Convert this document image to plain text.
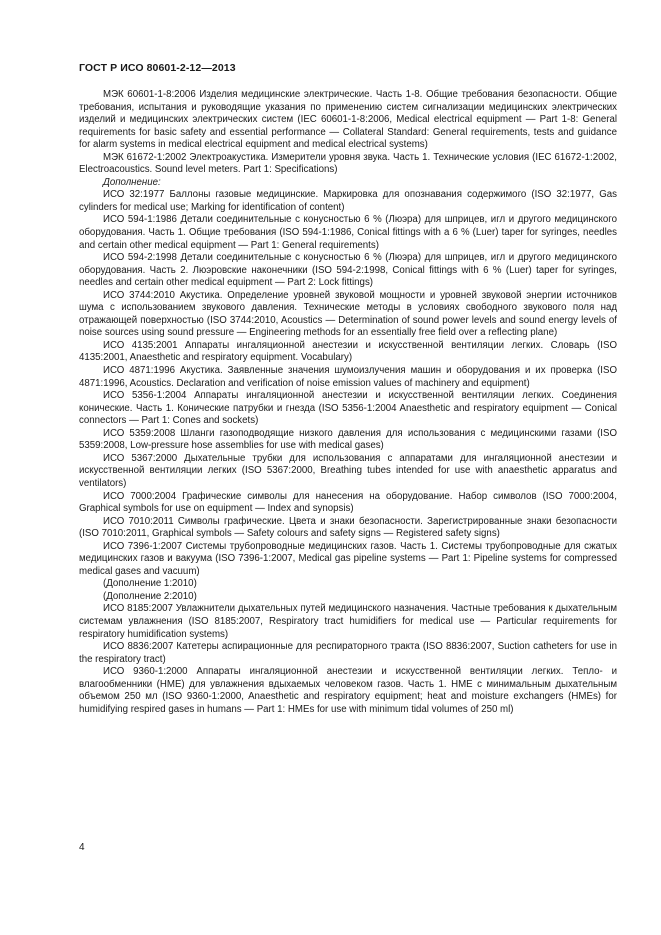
ГОСТ Р ИСО 80601-2-12—2013

МЭК 60601-1-8:2006 Изделия медицинские электрические. Часть 1-8. Общие требования безопасности. Общие требования, испытания и руководящие указания по применению систем сигнализации медицинских электрических изделий и медицинских электрических систем (IEC 60601-1-8:2006, Medical electrical equipment — Part 1-8: General requirements for basic safety and essential performance — Collateral Standard: General requirements, tests and guidance for alarm systems in medical electrical equipment and medical electrical systems)

МЭК 61672-1:2002 Электроакустика. Измерители уровня звука. Часть 1. Технические условия (IEC 61672-1:2002, Electroacoustics. Sound level meters. Part 1: Specifications)

Дополнение:

ИСО 32:1977 Баллоны газовые медицинские. Маркировка для опознавания содержимого (ISO 32:1977, Gas cylinders for medical use; Marking for identification of content)

ИСО 594-1:1986 Детали соединительные с конусностью 6 % (Люэра) для шприцев, игл и другого медицинского оборудования. Часть 1. Общие требования (ISO 594-1:1986, Conical fittings with a 6 % (Luer) taper for syringes, needles and certain other medical equipment — Part 1: General requirements)

ИСО 594-2:1998 Детали соединительные с конусностью 6 % (Люэра) для шприцев, игл и другого медицинского оборудования. Часть 2. Люэровские наконечники (ISO 594-2:1998, Conical fittings with 6 % (Luer) taper for syringes, needles and certain other medical equipment — Part 2: Lock fittings)

ИСО 3744:2010 Акустика. Определение уровней звуковой мощности и уровней звуковой энергии источников шума с использованием звукового давления. Технические методы в условиях свободного звукового поля над отражающей поверхностью (ISO 3744:2010, Acoustics — Determination of sound power levels and sound energy levels of noise sources using sound pressure — Engineering methods for an essentially free field over a reflecting plane)

ИСО 4135:2001 Аппараты ингаляционной анестезии и искусственной вентиляции легких. Словарь (ISO 4135:2001, Anaesthetic and respiratory equipment. Vocabulary)

ИСО 4871:1996 Акустика. Заявленные значения шумоизлучения машин и оборудования и их проверка (ISO 4871:1996, Acoustics. Declaration and verification of noise emission values of machinery and equipment)

ИСО 5356-1:2004 Аппараты ингаляционной анестезии и искусственной вентиляции легких. Соединения конические. Часть 1. Конические патрубки и гнезда (ISO 5356-1:2004 Anaesthetic and respiratory equipment — Conical connectors — Part 1: Cones and sockets)

ИСО 5359:2008 Шланги газоподводящие низкого давления для использования с медицинскими газами (ISO 5359:2008, Low-pressure hose assemblies for use with medical gases)

ИСО 5367:2000 Дыхательные трубки для использования с аппаратами для ингаляционной анестезии и искусственной вентиляции легких (ISO 5367:2000, Breathing tubes intended for use with anaesthetic apparatus and ventilators)

ИСО 7000:2004 Графические символы для нанесения на оборудование. Набор символов (ISO 7000:2004, Graphical symbols for use on equipment — Index and synopsis)

ИСО 7010:2011 Символы графические. Цвета и знаки безопасности. Зарегистрированные знаки безопасности (ISO 7010:2011, Graphical symbols — Safety colours and safety signs — Registered safety signs)

ИСО 7396-1:2007 Системы трубопроводные медицинских газов. Часть 1. Системы трубопроводные для сжатых медицинских газов и вакуума (ISO 7396-1:2007, Medical gas pipeline systems — Part 1: Pipeline systems for compressed medical gases and vacuum)

(Дополнение 1:2010)

(Дополнение 2:2010)

ИСО 8185:2007 Увлажнители дыхательных путей медицинского назначения. Частные требования к дыхательным системам увлажнения (ISO 8185:2007, Respiratory tract humidifiers for medical use — Particular requirements for respiratory humidification systems)

ИСО 8836:2007 Катетеры аспирационные для респираторного тракта (ISO 8836:2007, Suction catheters for use in the respiratory tract)

ИСО 9360-1:2000 Аппараты ингаляционной анестезии и искусственной вентиляции легких. Тепло- и влагообменники (HME) для увлажнения вдыхаемых человеком газов. Часть 1. HME с минимальным дыхательным объемом 250 мл (ISO 9360-1:2000, Anaesthetic and respiratory equipment; heat and moisture exchangers (HMEs) for humidifying respired gases in humans — Part 1: HMEs for use with minimum tidal volumes of 250 ml)

4
